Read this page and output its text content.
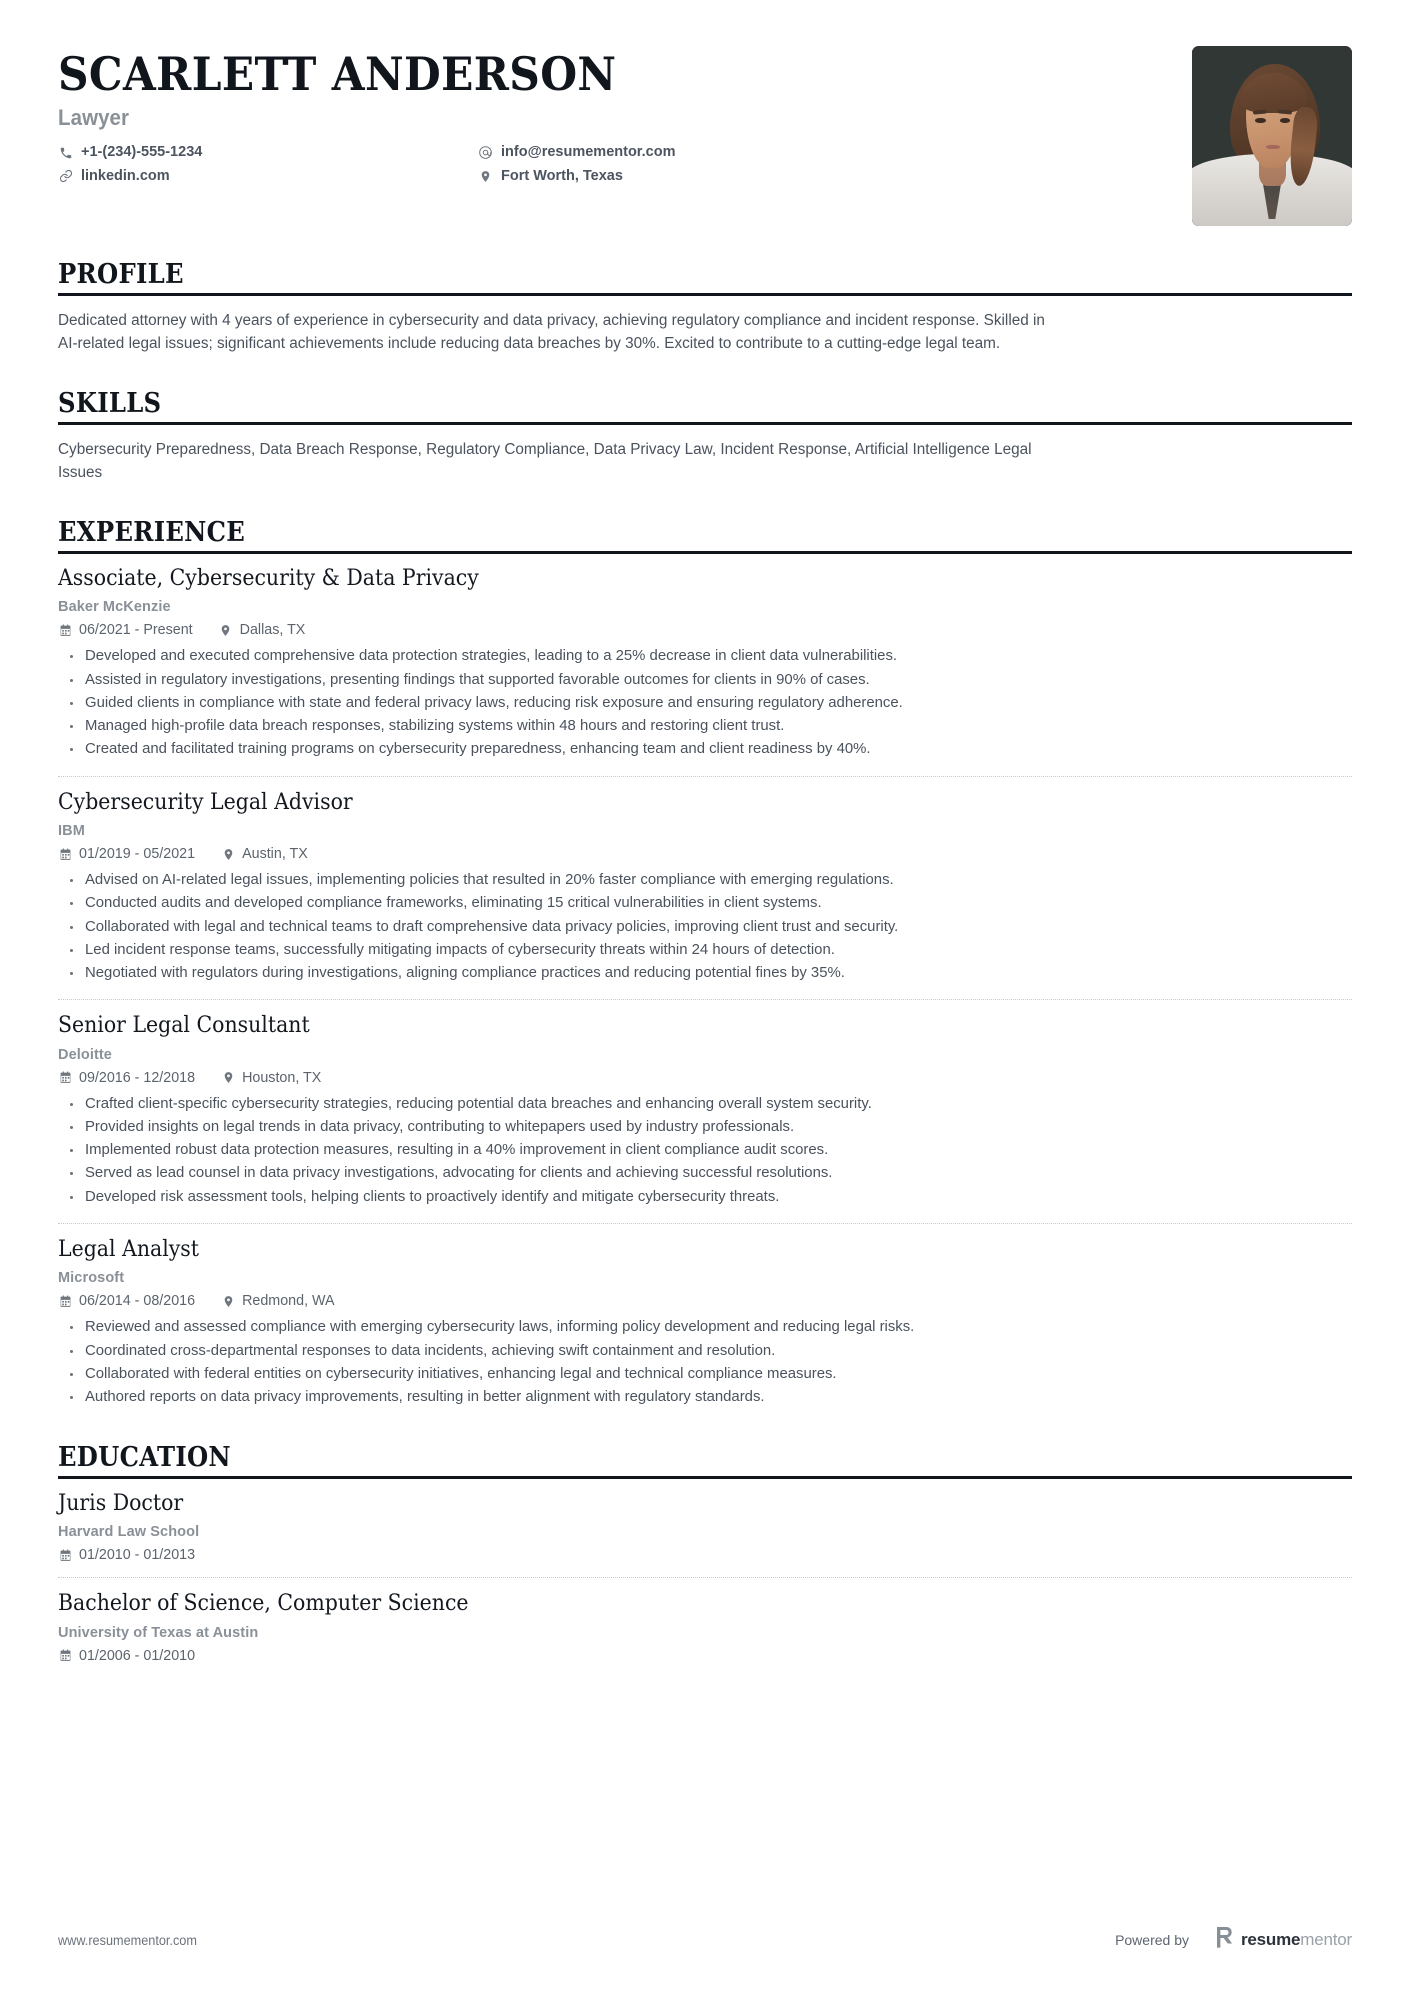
SCARLETT ANDERSON
Lawyer
+1-(234)-555-1234
linkedin.com
info@resumementor.com
Fort Worth, Texas
PROFILE

Dedicated attorney with 4 years of experience in cybersecurity and data privacy, achieving regulatory compliance and incident response. Skilled in AI-related legal issues; significant achievements include reducing data breaches by 30%. Excited to contribute to a cutting-edge legal team.

SKILLS

Cybersecurity Preparedness, Data Breach Response, Regulatory Compliance, Data Privacy Law, Incident Response, Artificial Intelligence Legal Issues

EXPERIENCE
Associate, Cybersecurity & Data Privacy
Baker McKenzie
06/2021 - Present	Dallas, TX
Developed and executed comprehensive data protection strategies, leading to a 25% decrease in client data vulnerabilities.
Assisted in regulatory investigations, presenting findings that supported favorable outcomes for clients in 90% of cases.
Guided clients in compliance with state and federal privacy laws, reducing risk exposure and ensuring regulatory adherence.
Managed high-profile data breach responses, stabilizing systems within 48 hours and restoring client trust.
Created and facilitated training programs on cybersecurity preparedness, enhancing team and client readiness by 40%.
Cybersecurity Legal Advisor
IBM
01/2019 - 05/2021	Austin, TX
Advised on AI-related legal issues, implementing policies that resulted in 20% faster compliance with emerging regulations.
Conducted audits and developed compliance frameworks, eliminating 15 critical vulnerabilities in client systems.
Collaborated with legal and technical teams to draft comprehensive data privacy policies, improving client trust and security.
Led incident response teams, successfully mitigating impacts of cybersecurity threats within 24 hours of detection.
Negotiated with regulators during investigations, aligning compliance practices and reducing potential fines by 35%.
Senior Legal Consultant
Deloitte
09/2016 - 12/2018	Houston, TX
Crafted client-specific cybersecurity strategies, reducing potential data breaches and enhancing overall system security.
Provided insights on legal trends in data privacy, contributing to whitepapers used by industry professionals.
Implemented robust data protection measures, resulting in a 40% improvement in client compliance audit scores.
Served as lead counsel in data privacy investigations, advocating for clients and achieving successful resolutions.
Developed risk assessment tools, helping clients to proactively identify and mitigate cybersecurity threats.
Legal Analyst
Microsoft
06/2014 - 08/2016	Redmond, WA
Reviewed and assessed compliance with emerging cybersecurity laws, informing policy development and reducing legal risks.
Coordinated cross-departmental responses to data incidents, achieving swift containment and resolution.
Collaborated with federal entities on cybersecurity initiatives, enhancing legal and technical compliance measures.
Authored reports on data privacy improvements, resulting in better alignment with regulatory standards.
EDUCATION
Juris Doctor
Harvard Law School
01/2010 - 01/2013
Bachelor of Science, Computer Science
University of Texas at Austin
01/2006 - 01/2010
www.resumementor.com	Powered by	resumementor
